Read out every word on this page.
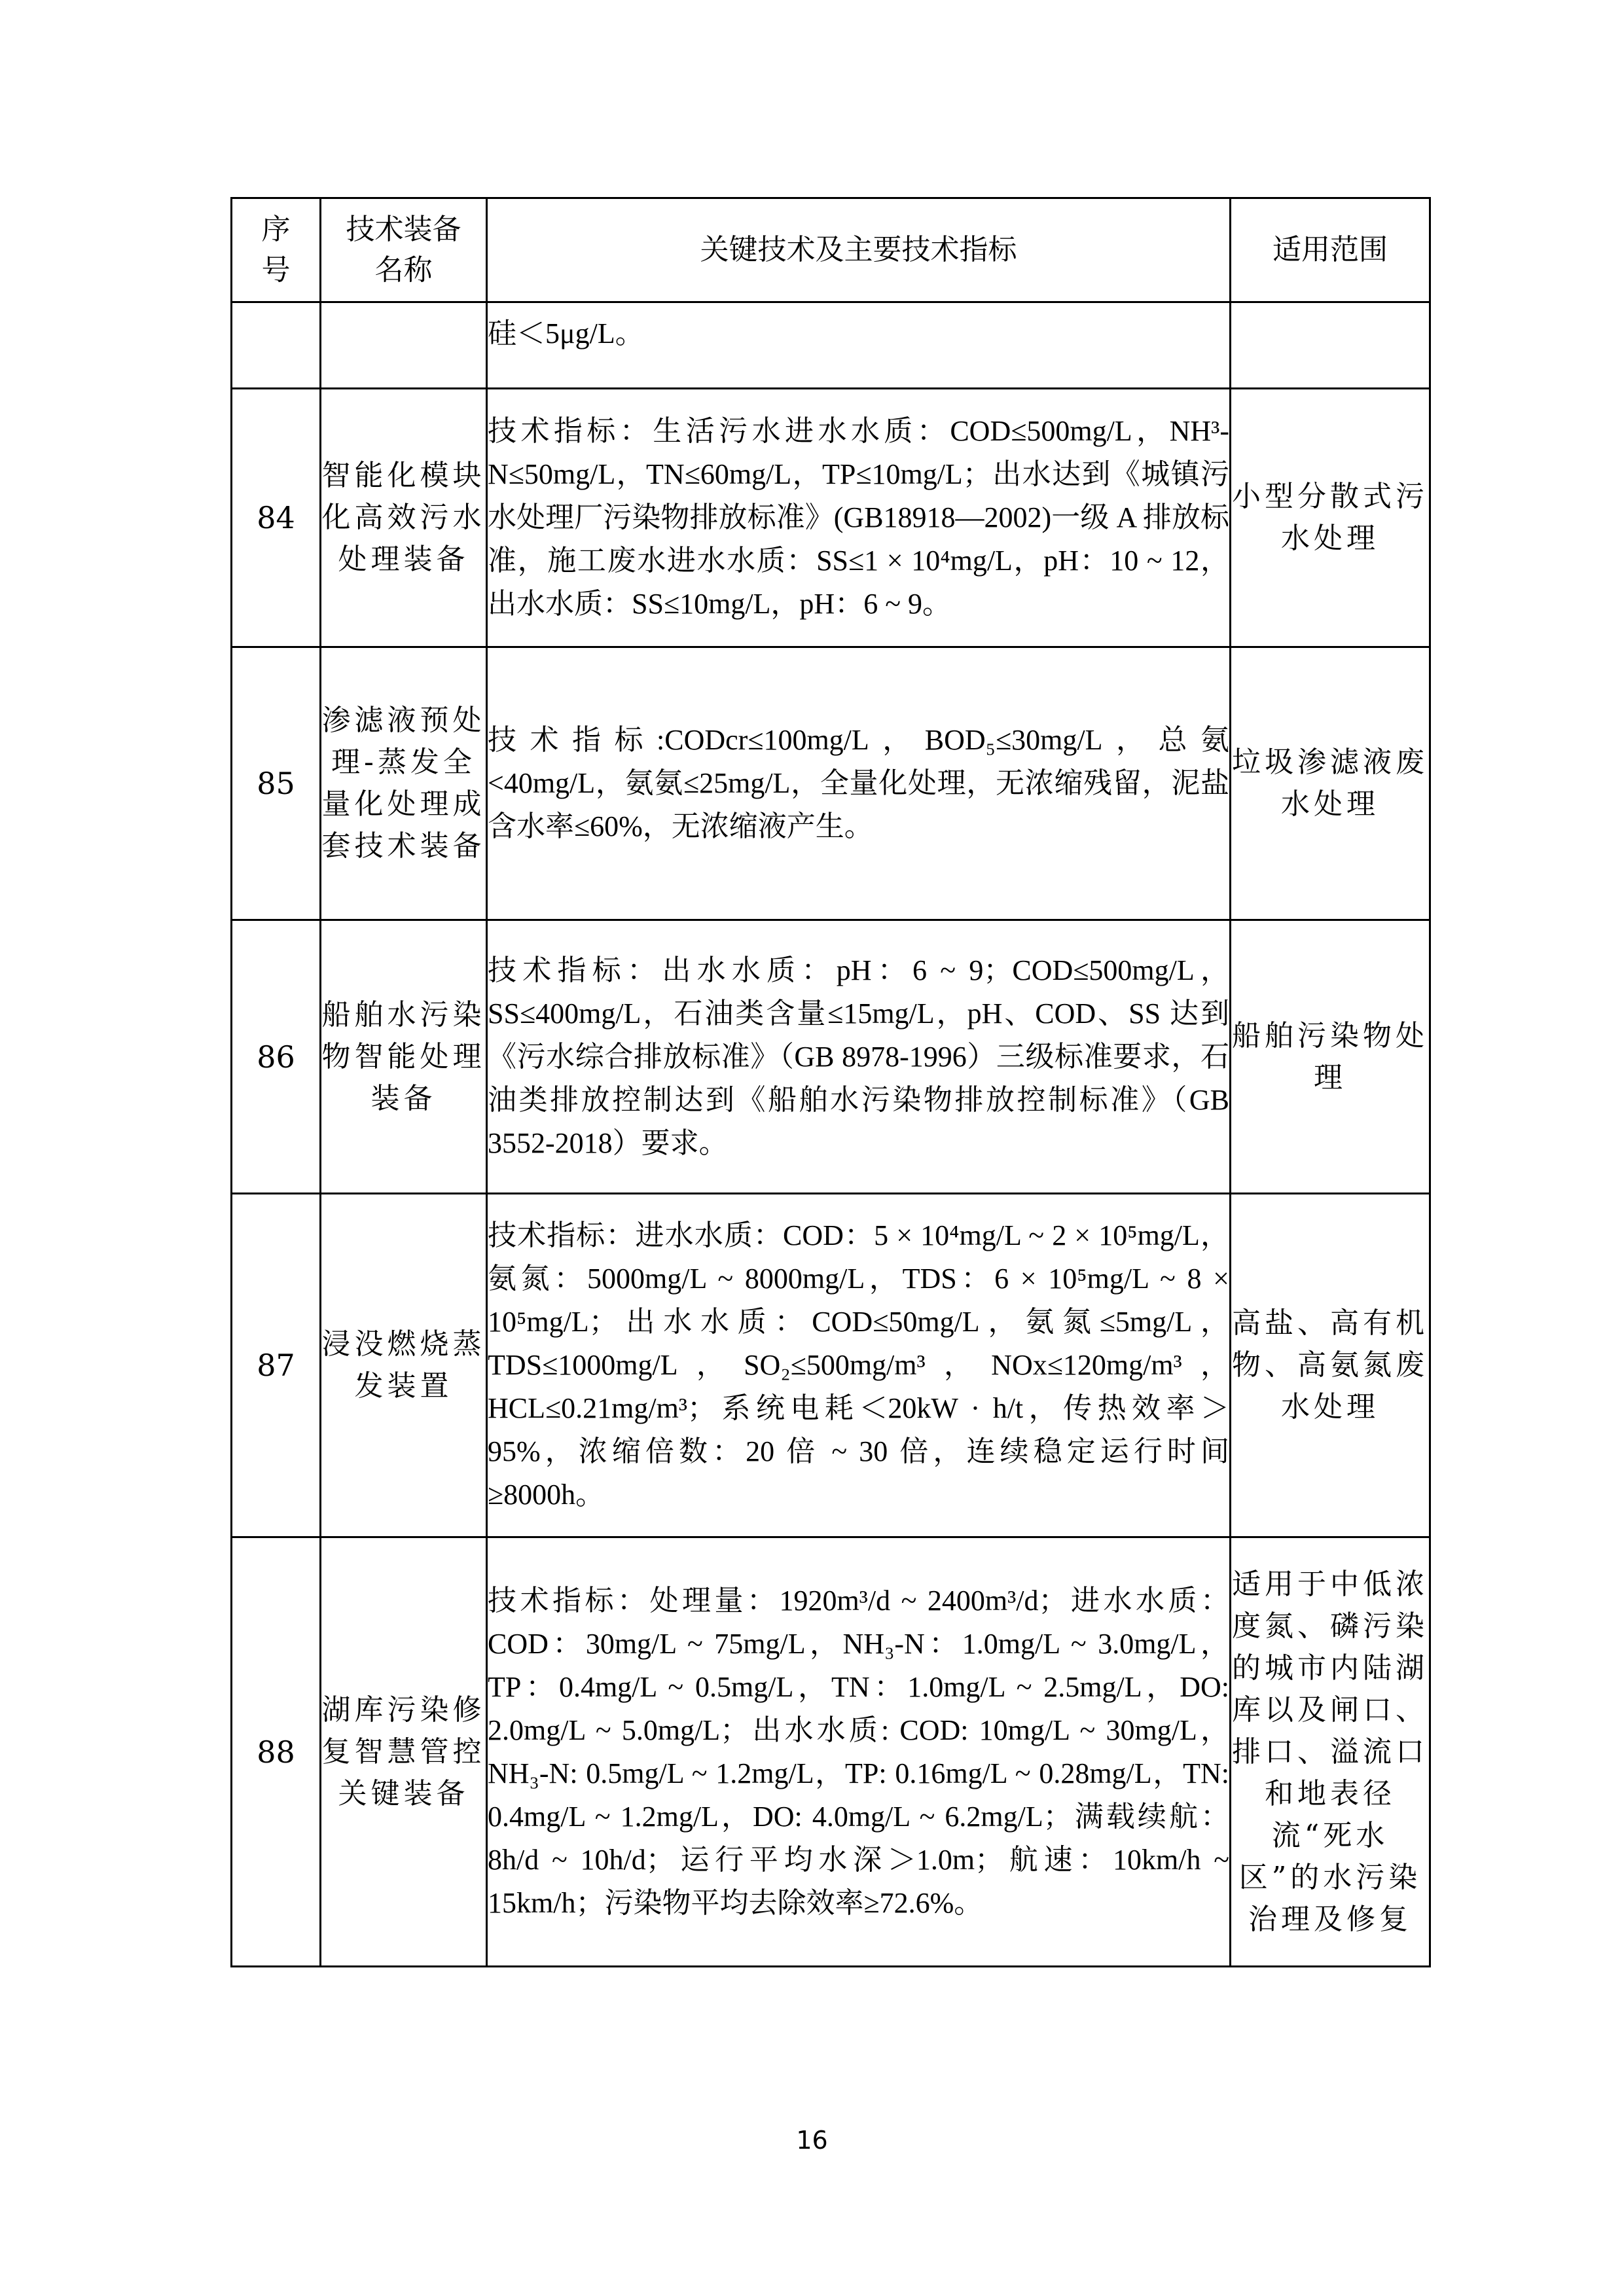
序号	技术装备名称	关键技术及主要技术指标	适用范围
		硅＜5μg/L。	
84	智能化模块化高效污水处理装备	技术指标：生活污水进水水质：COD≤500mg/L，NH³-N≤50mg/L，TN≤60mg/L，TP≤10mg/L；出水达到《城镇污水处理厂污染物排放标准》(GB18918—2002)一级 A 排放标准，施工废水进水水质：SS≤1 × 10⁴mg/L，pH：10 ~ 12，出水水质：SS≤10mg/L，pH：6 ~ 9。	小型分散式污水处理
85	渗滤液预处理-蒸发全量化处理成套技术装备	技术指标:CODcr≤100mg/L，BOD₅≤30mg/L，总氨<40mg/L，氨氨≤25mg/L，全量化处理，无浓缩残留，泥盐含水率≤60%，无浓缩液产生。	垃圾渗滤液废水处理
86	船舶水污染物智能处理装备	技术指标：出水水质：pH：6 ~ 9；COD≤500mg/L，SS≤400mg/L，石油类含量≤15mg/L，pH、COD、SS 达到《污水综合排放标准》（GB 8978-1996）三级标准要求，石油类排放控制达到《船舶水污染物排放控制标准》（GB 3552-2018）要求。	船舶污染物处理
87	浸没燃烧蒸发装置	技术指标：进水水质：COD：5 × 10⁴mg/L ~ 2 × 10⁵mg/L，氨氮：5000mg/L ~ 8000mg/L，TDS：6 × 10⁵mg/L ~ 8 × 10⁵mg/L；出水水质：COD≤50mg/L，氨氮≤5mg/L，TDS≤1000mg/L，SO₂≤500mg/m³，NOx≤120mg/m³，HCL≤0.21mg/m³；系统电耗＜20kW · h/t，传热效率＞95%，浓缩倍数：20 倍 ~ 30 倍，连续稳定运行时间≥8000h。	高盐、高有机物、高氨氮废水处理
88	湖库污染修复智慧管控关键装备	技术指标：处理量：1920m³/d ~ 2400m³/d；进水水质：COD：30mg/L ~ 75mg/L，NH₃-N：1.0mg/L ~ 3.0mg/L，TP：0.4mg/L ~ 0.5mg/L，TN：1.0mg/L ~ 2.5mg/L，DO: 2.0mg/L ~ 5.0mg/L；出水水质: COD: 10mg/L ~ 30mg/L，NH₃-N: 0.5mg/L ~ 1.2mg/L，TP: 0.16mg/L ~ 0.28mg/L，TN: 0.4mg/L ~ 1.2mg/L，DO: 4.0mg/L ~ 6.2mg/L；满载续航：8h/d ~ 10h/d；运行平均水深＞1.0m；航速：10km/h ~ 15km/h；污染物平均去除效率≥72.6%。	适用于中低浓度氮、磷污染的城市内陆湖库以及闸口、排口、溢流口和地表径流“死水区”的水污染治理及修复
16
